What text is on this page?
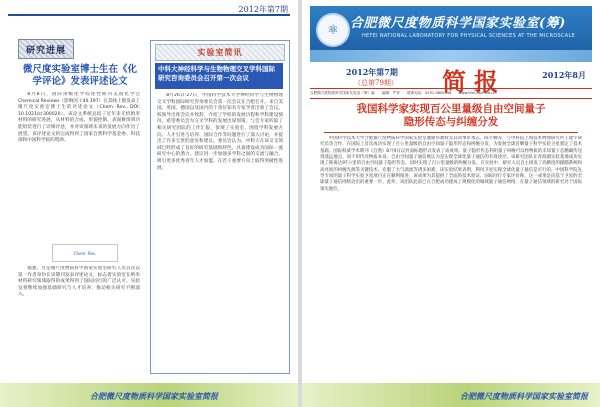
2012年第7期
研究进展
微尺度实验室博士生在《化学评论》发表评述论文
8月8日，国际顶级化学综述性期刊美国化学会Chemical Reviews（影响因子40.197）在其线上版发表了微尺度实验室博士生的评述论文（Chem. Rev., DOI: 10.1021/cr300020）。该论文系统总结了近年来无机纳米材料的研究进展，从材料的合成、形貌控制、表面修饰到功能组装进行了详细评述，并对该领域未来的发展方向作出了展望。该评述论文的完成得到了国家自然科学基金委、科技部和中国科学院的资助。
Chem. Rev.
据悉，这是微尺度物质科学国家实验室研究人员首次以第一作者身份在该期刊发表评述论文，标志着实验室在纳米材料研究领域取得的成果得到了国际同行的广泛认可。实验室将继续加强基础研究与人才培养，推动相关研究不断深入。
实验室简讯
中科大神经科学与生物物理交叉学科国际研究咨询委员会召开第一次会议
8月26日-27日，中国科学技术大学神经科学与生物物理交叉学科国际研究咨询委员会第一次会议在合肥召开。来自美国、英国、德国以及国内的十余位知名专家学者出席了会议。校领导出席会议并致辞，介绍了学校的发展历程和学科建设情况，希望委员会为交叉学科的发展出谋划策。与会专家听取了相关研究团队的工作汇报，参观了实验室，围绕学科发展方向、人才引进与培养、国际合作等问题进行了深入讨论，并提出了许多宝贵的意见和建议。委员会认为，中科大在该交叉领域已经形成了良好的研究基础和特色，具备建设成为国际一流研究中心的潜力，建议进一步加强多学科之间的交流与融合，吸引更多优秀青年人才加盟，在若干重要方向上取得突破性进展。
合肥微尺度物质科学国家实验室简报
⚛ 合肥微尺度物质科学国家实验室(筹)
HEFEI NATIONAL LABORATORY FOR PHYSICAL SCIENCES AT THE MICROSCALE
2012年第7期
（总第79期） 简报	2012年8月
合肥微尺度物质科学国家实验室（筹）编　　编辑：严菲　　联系电话：0551-3600458　　www.hfnl.ustc.edu.cn
我国科学家实现百公里量级自由空间量子
隐形传态与纠缠分发
中国科学技术大学合肥微尺度物质科学国家实验室潘建伟教授及其同事彭承志、陈宇翱等，与中科院上海技术物理研究所王建宇研究员等合作，在国际上首次成功实现了百公里量级的自由空间量子隐形传态和纠缠分发，为发射全球首颗量子科学实验卫星奠定了技术基础。国际权威学术期刊《自然》8月9日以封面标题形式发表了该成果。量子隐形传态利用量子纠缠可以将物质的未知量子态精确传送到遥远地点，而不用传送物质本身。自由空间量子通信被认为是实现全球化量子通信的有效途径。该研究团队在青海湖实验基地成功实现了距离达97公里的自由空间量子隐形传态，同时实现了百公里量级的纠缠分发。在实验中，研究人员自主研发了高精度的跟瞄系统和高亮度的纠缠光源等关键技术，克服了大气湍流等诸多困难。该实验结果表明，利用卫星实现全球化量子通信是可行的。中国科学院先导专项的量子科学实验卫星项目正在顺利推进，该成果为其提供了全面的技术验证。国际同行专家评价称，这一成果是向基于卫星的全球量子通信网络迈出的重要一步。此外，该团队此前已在合肥成功建成了规模化的城域量子通信网络，在量子通信领域的研究处于国际领先地位。
合肥微尺度物质科学国家实验室简报
